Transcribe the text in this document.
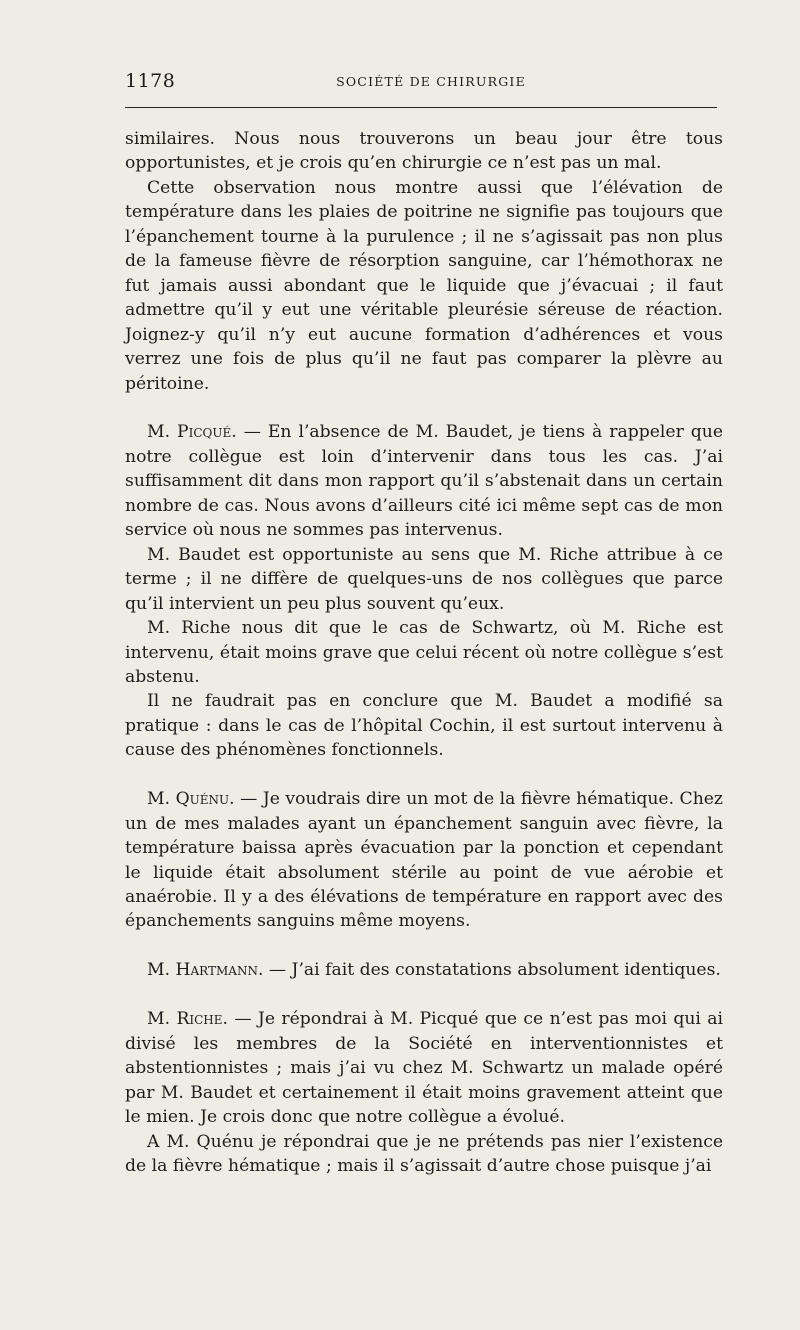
1178	SOCIÉTÉ DE CHIRURGIE

similaires. Nous nous trouverons un beau jour être tous opportunistes, et je crois qu’en chirurgie ce n’est pas un mal.

Cette observation nous montre aussi que l’élévation de température dans les plaies de poitrine ne signifie pas toujours que l’épanchement tourne à la purulence ; il ne s’agissait pas non plus de la fameuse fièvre de résorption sanguine, car l’hémothorax ne fut jamais aussi abondant que le liquide que j’évacuai ; il faut admettre qu’il y eut une véritable pleurésie séreuse de réaction. Joignez-y qu’il n’y eut aucune formation d’adhérences et vous verrez une fois de plus qu’il ne faut pas comparer la plèvre au péritoine.

M. Picqué. — En l’absence de M. Baudet, je tiens à rappeler que notre collègue est loin d’intervenir dans tous les cas. J’ai suffisamment dit dans mon rapport qu’il s’abstenait dans un certain nombre de cas. Nous avons d’ailleurs cité ici même sept cas de mon service où nous ne sommes pas intervenus.

M. Baudet est opportuniste au sens que M. Riche attribue à ce terme ; il ne diffère de quelques-uns de nos collègues que parce qu’il intervient un peu plus souvent qu’eux.

M. Riche nous dit que le cas de Schwartz, où M. Riche est intervenu, était moins grave que celui récent où notre collègue s’est abstenu.

Il ne faudrait pas en conclure que M. Baudet a modifié sa pratique : dans le cas de l’hôpital Cochin, il est surtout intervenu à cause des phénomènes fonctionnels.

M. Quénu. — Je voudrais dire un mot de la fièvre hématique. Chez un de mes malades ayant un épanchement sanguin avec fièvre, la température baissa après évacuation par la ponction et cependant le liquide était absolument stérile au point de vue aérobie et anaérobie. Il y a des élévations de température en rapport avec des épanchements sanguins même moyens.

M. Hartmann. — J’ai fait des constatations absolument identiques.

M. Riche. — Je répondrai à M. Picqué que ce n’est pas moi qui ai divisé les membres de la Société en interventionnistes et abstentionnistes ; mais j’ai vu chez M. Schwartz un malade opéré par M. Baudet et certainement il était moins gravement atteint que le mien. Je crois donc que notre collègue a évolué.

A M. Quénu je répondrai que je ne prétends pas nier l’existence de la fièvre hématique ; mais il s’agissait d’autre chose puisque j’ai
